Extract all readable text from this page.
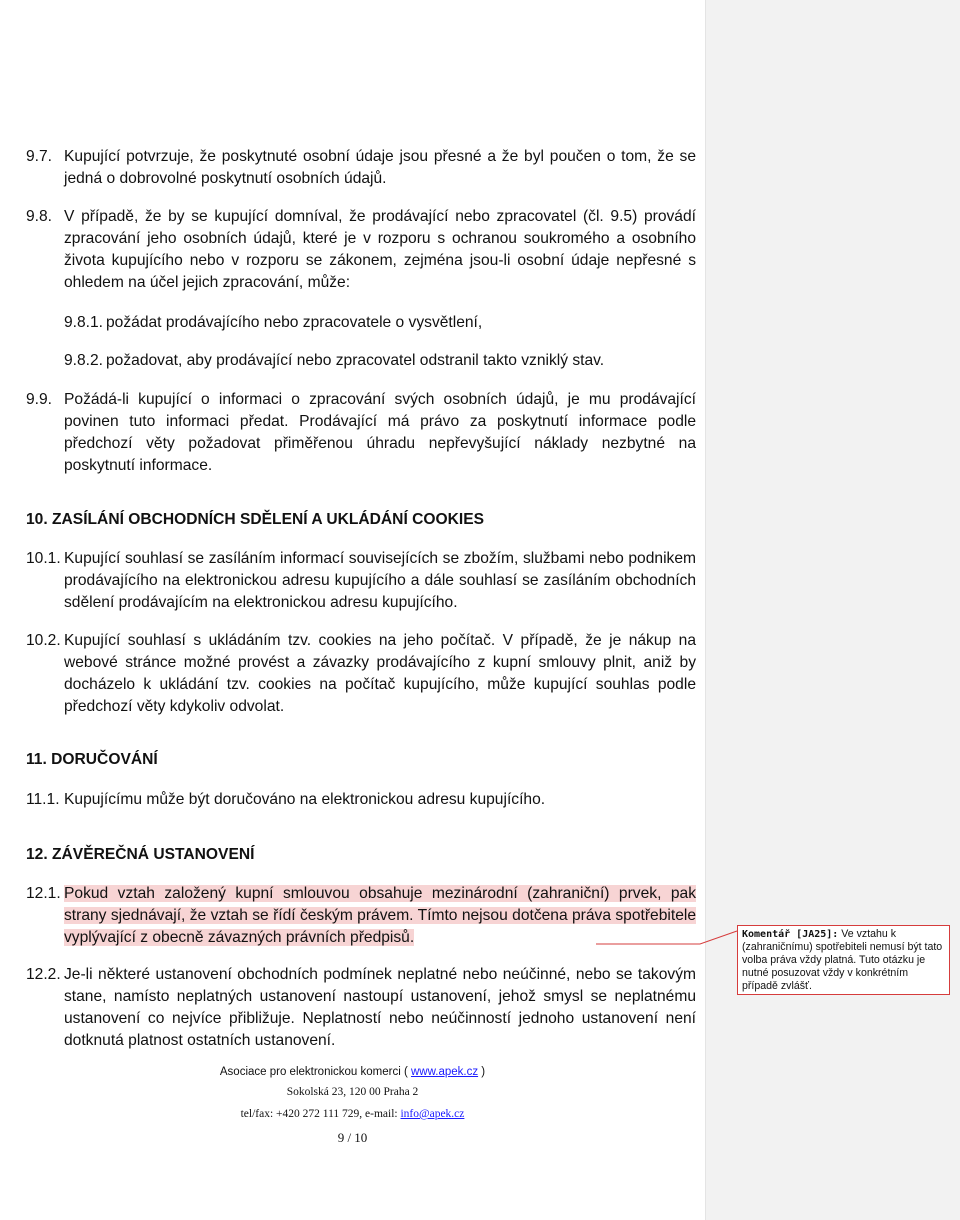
9.7. Kupující potvrzuje, že poskytnuté osobní údaje jsou přesné a že byl poučen o tom, že se jedná o dobrovolné poskytnutí osobních údajů.
9.8. V případě, že by se kupující domníval, že prodávající nebo zpracovatel (čl. 9.5) provádí zpracování jeho osobních údajů, které je v rozporu s ochranou soukromého a osobního života kupujícího nebo v rozporu se zákonem, zejména jsou-li osobní údaje nepřesné s ohledem na účel jejich zpracování, může:
9.8.1. požádat prodávajícího nebo zpracovatele o vysvětlení,
9.8.2. požadovat, aby prodávající nebo zpracovatel odstranil takto vzniklý stav.
9.9. Požádá-li kupující o informaci o zpracování svých osobních údajů, je mu prodávající povinen tuto informaci předat. Prodávající má právo za poskytnutí informace podle předchozí věty požadovat přiměřenou úhradu nepřevyšující náklady nezbytné na poskytnutí informace.
10. ZASÍLÁNÍ OBCHODNÍCH SDĚLENÍ A UKLÁDÁNÍ COOKIES
10.1. Kupující souhlasí se zasíláním informací souvisejících se zbožím, službami nebo podnikem prodávajícího na elektronickou adresu kupujícího a dále souhlasí se zasíláním obchodních sdělení prodávajícím na elektronickou adresu kupujícího.
10.2. Kupující souhlasí s ukládáním tzv. cookies na jeho počítač. V případě, že je nákup na webové stránce možné provést a závazky prodávajícího z kupní smlouvy plnit, aniž by docházelo k ukládání tzv. cookies na počítač kupujícího, může kupující souhlas podle předchozí věty kdykoliv odvolat.
11. DORUČOVÁNÍ
11.1. Kupujícímu může být doručováno na elektronickou adresu kupujícího.
12. ZÁVĚREČNÁ USTANOVENÍ
12.1. Pokud vztah založený kupní smlouvou obsahuje mezinárodní (zahraniční) prvek, pak strany sjednávají, že vztah se řídí českým právem. Tímto nejsou dotčena práva spotřebitele vyplývající z obecně závazných právních předpisů.
12.2. Je-li některé ustanovení obchodních podmínek neplatné nebo neúčinné, nebo se takovým stane, namísto neplatných ustanovení nastoupí ustanovení, jehož smysl se neplatnému ustanovení co nejvíce přibližuje. Neplatností nebo neúčinností jednoho ustanovení není dotknutá platnost ostatních ustanovení.
Asociace pro elektronickou komerci ( www.apek.cz )
Sokolská 23, 120 00 Praha 2
tel/fax: +420 272 111 729, e-mail: info@apek.cz
9 / 10
Komentář [JA25]: Ve vztahu k (zahraničnímu) spotřebiteli nemusí být tato volba práva vždy platná. Tuto otázku je nutné posuzovat vždy v konkrétním případě zvlášť.
